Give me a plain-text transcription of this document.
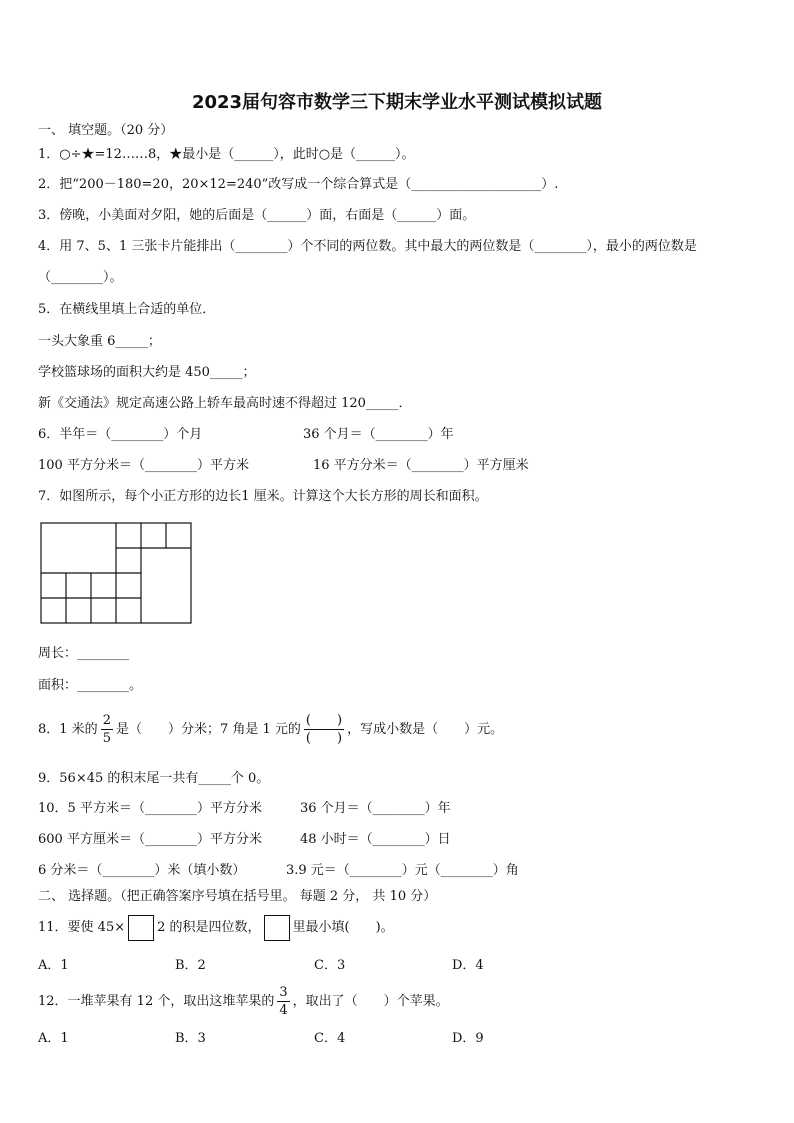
2023届句容市数学三下期末学业水平测试模拟试题
一、 填空题。（20 分）
1．○÷★=12……8，★最小是（______），此时○是（______）。
2．把“200－180=20，20×12=240”改写成一个综合算式是（____________________）.
3．傍晚，小美面对夕阳，她的后面是（______）面，右面是（______）面。
4．用 7、5、1 三张卡片能排出（________）个不同的两位数。其中最大的两位数是（________），最小的两位数是
（________）。
5．在横线里填上合适的单位．
一头大象重 6_____；
学校篮球场的面积大约是 450_____；
新《交通法》规定高速公路上轿车最高时速不得超过 120_____．
6．半年＝（________）个月	36 个月＝（________）年
100 平方分米＝（________）平方米	16 平方分米＝（________）平方厘米
7．如图所示，每个小正方形的边长1 厘米。计算这个大长方形的周长和面积。
周长：________
面积：________。
8．1 米的 $\frac{2}{5}$ 是（　　）分米；7 角是 1 元的 $\frac{( )}{( )}$ ，写成小数是（　　）元。
9．56×45 的积末尾一共有_____个 0。
10．5 平方米＝（________）平方分米	36 个月＝（________）年
600 平方厘米＝（________）平方分米	48 小时＝（________）日
6 分米＝（________）米（填小数）	3.9 元＝（________）元（________）角
二、 选择题。（把正确答案序号填在括号里。 每题 2 分， 共 10 分）
11．要使 45× 2 的积是四位数， 里最小填(　　)。
A．1	B．2	C．3	D．4
12．一堆苹果有 12 个，取出这堆苹果的 $\frac{3}{4}$ ，取出了（　　）个苹果。
A．1	B．3	C．4	D．9
